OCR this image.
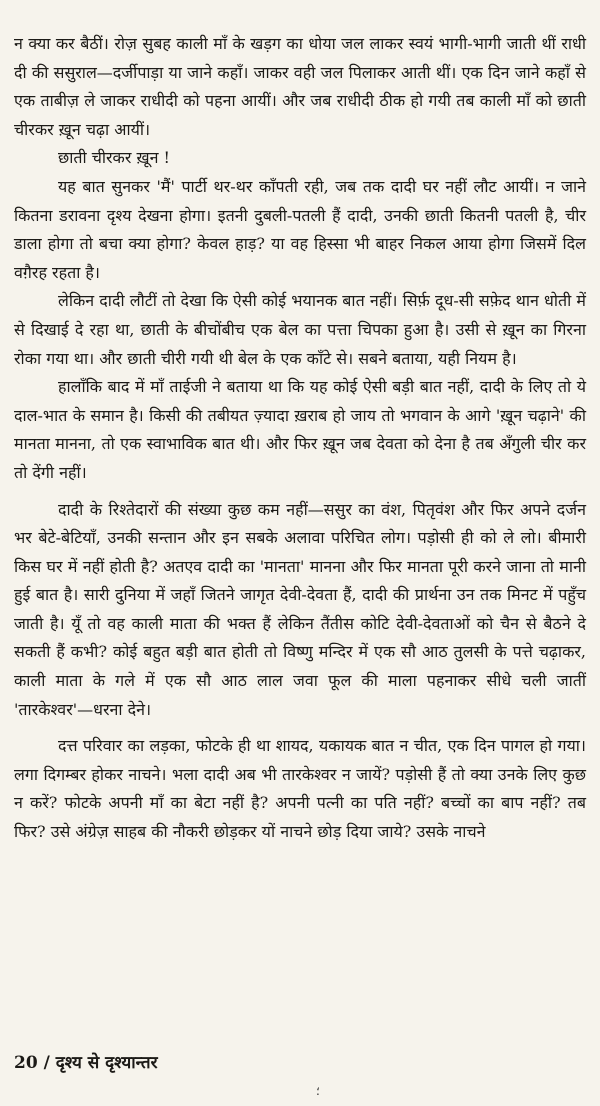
न क्या कर बैठीं। रोज़ सुबह काली माँ के खड़ग का धोया जल लाकर स्वयं भागी-भागी जाती थीं राधी दी की ससुराल—दर्जीपाड़ा या जाने कहाँ। जाकर वही जल पिलाकर आती थीं। एक दिन जाने कहाँ से एक ताबीज़ ले जाकर राधीदी को पहना आयीं। और जब राधीदी ठीक हो गयी तब काली माँ को छाती चीरकर ख़ून चढ़ा आयीं।

छाती चीरकर ख़ून !

यह बात सुनकर 'मैं' पार्टी थर-थर काँपती रही, जब तक दादी घर नहीं लौट आयीं। न जाने कितना डरावना दृश्य देखना होगा। इतनी दुबली-पतली हैं दादी, उनकी छाती कितनी पतली है, चीर डाला होगा तो बचा क्या होगा? केवल हाड़? या वह हिस्सा भी बाहर निकल आया होगा जिसमें दिल वग़ैरह रहता है।

लेकिन दादी लौटीं तो देखा कि ऐसी कोई भयानक बात नहीं। सिर्फ़ दूध-सी सफ़ेद थान धोती में से दिखाई दे रहा था, छाती के बीचोंबीच एक बेल का पत्ता चिपका हुआ है। उसी से ख़ून का गिरना रोका गया था। और छाती चीरी गयी थी बेल के एक काँटे से। सबने बताया, यही नियम है।

हालाँकि बाद में माँ ताईजी ने बताया था कि यह कोई ऐसी बड़ी बात नहीं, दादी के लिए तो ये दाल-भात के समान है। किसी की तबीयत ज़्यादा ख़राब हो जाय तो भगवान के आगे 'ख़ून चढ़ाने' की मानता मानना, तो एक स्वाभाविक बात थी। और फिर ख़ून जब देवता को देना है तब अँगुली चीर कर तो देंगी नहीं।

दादी के रिश्तेदारों की संख्या कुछ कम नहीं—ससुर का वंश, पितृवंश और फिर अपने दर्जन भर बेटे-बेटियाँ, उनकी सन्तान और इन सबके अलावा परिचित लोग। पड़ोसी ही को ले लो। बीमारी किस घर में नहीं होती है? अतएव दादी का 'मानता' मानना और फिर मानता पूरी करने जाना तो मानी हुई बात है। सारी दुनिया में जहाँ जितने जागृत देवी-देवता हैं, दादी की प्रार्थना उन तक मिनट में पहुँच जाती है। यूँ तो वह काली माता की भक्त हैं लेकिन तैंतीस कोटि देवी-देवताओं को चैन से बैठने दे सकती हैं कभी? कोई बहुत बड़ी बात होती तो विष्णु मन्दिर में एक सौ आठ तुलसी के पत्ते चढ़ाकर, काली माता के गले में एक सौ आठ लाल जवा फूल की माला पहनाकर सीधे चली जातीं 'तारकेश्वर'—धरना देने।

दत्त परिवार का लड़का, फोटके ही था शायद, यकायक बात न चीत, एक दिन पागल हो गया। लगा दिगम्बर होकर नाचने। भला दादी अब भी तारकेश्वर न जायें? पड़ोसी हैं तो क्या उनके लिए कुछ न करें? फोटके अपनी माँ का बेटा नहीं है? अपनी पत्नी का पति नहीं? बच्चों का बाप नहीं? तब फिर? उसे अंग्रेज़ साहब की नौकरी छोड़कर यों नाचने छोड़ दिया जाये? उसके नाचने

20 / दृश्य से दृश्यान्तर
؛
